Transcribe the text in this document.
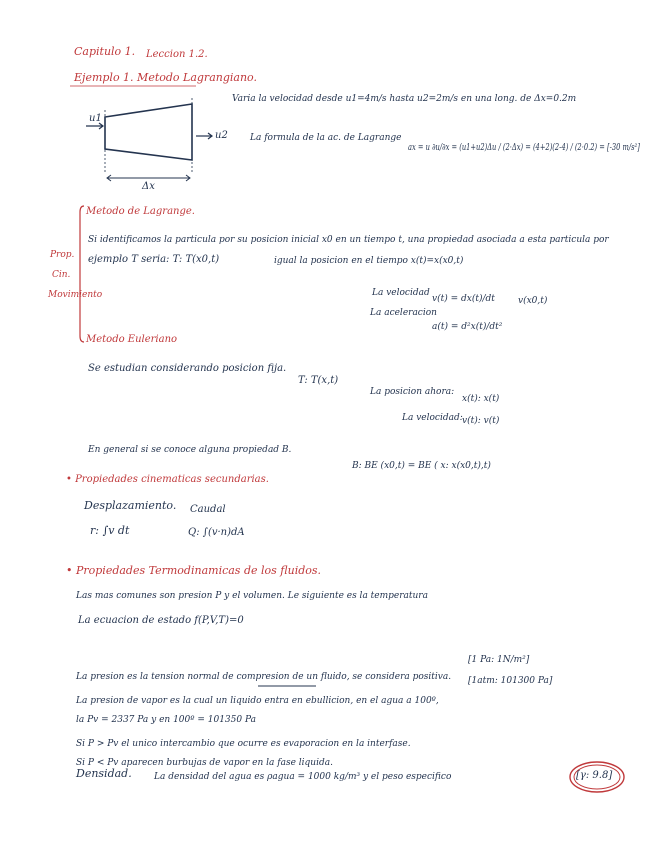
Capitulo 1. Leccion 1.2.
Ejemplo 1. Metodo Lagrangiano.
Varia la velocidad desde u1=4m/s hasta u2=2m/s en una long. de Δx=0.2m
u1
u2
Δx
La formula de la ac. de Lagrange
ax = u ∂u/∂x = (u1+u2)Δu / (2·Δx) = (4+2)(2-4) / (2·0.2) = [-30 m/s²]
Metodo de Lagrange.
Prop.
Cin.
Movimiento
Si identificamos la particula por su posicion inicial x0 en un tiempo t, una propiedad asociada a esta particula por
ejemplo T seria: T: T(x0,t)	igual la posicion en el tiempo x(t)=x(x0,t)
La velocidad
v(t) = dx(t)/dt	v(x0,t)
La aceleracion
a(t) = d²x(t)/dt²
Metodo Euleriano
Se estudian considerando posicion fija.
T: T(x,t)
La posicion ahora:
x(t): x(t)
La velocidad: v(t): v(t)
En general si se conoce alguna propiedad B.
B: BE (x0,t) = BE ( x: x(x0,t),t)
• Propiedades cinematicas secundarias.
Desplazamiento.
r: ∫v dt
Caudal
Q: ∫(v·n)dA
• Propiedades Termodinamicas de los fluidos.
Las mas comunes son presion P y el volumen. Le siguiente es la temperatura
La ecuacion de estado f(P,V,T)=0
La presion es la tension normal de compresion de un fluido, se considera positiva.
[1 Pa: 1N/m²]
La presion de vapor es la cual un liquido entra en ebullicion, en el agua a 100º,
[1atm: 101300 Pa]
la Pv = 2337 Pa y en 100º = 101350 Pa
Si P > Pv el unico intercambio que ocurre es evaporacion en la interfase.
Si P < Pv aparecen burbujas de vapor en la fase liquida.
Densidad. La densidad del agua es ρagua = 1000 kg/m³ y el peso especifico	[γ: 9.8]
